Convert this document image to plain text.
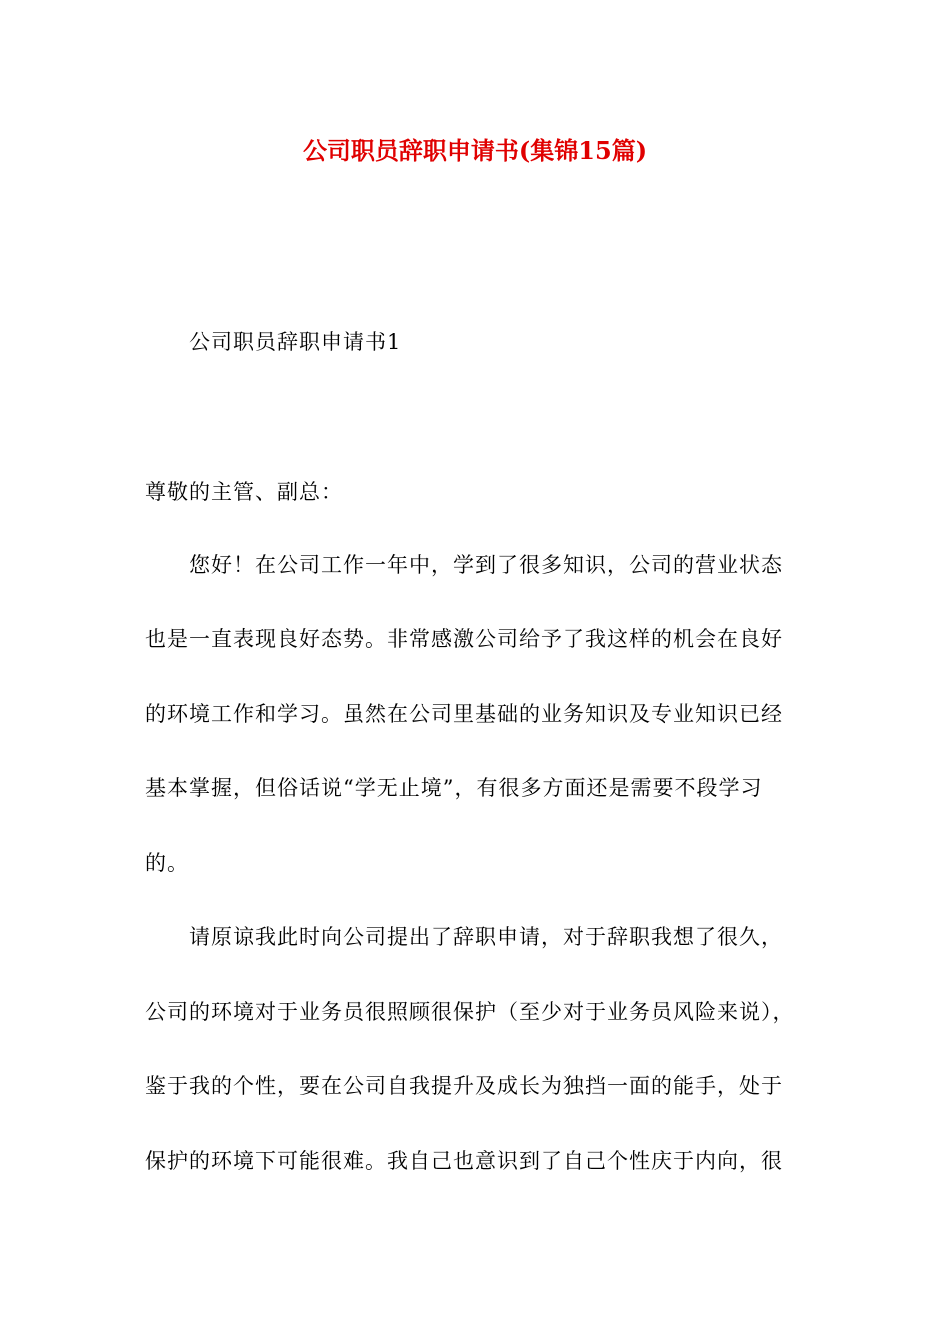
公司职员辞职申请书(集锦15篇)

公司职员辞职申请书1

尊敬的主管、副总：

您好！在公司工作一年中，学到了很多知识，公司的营业状态

也是一直表现良好态势。非常感激公司给予了我这样的机会在良好

的环境工作和学习。虽然在公司里基础的业务知识及专业知识已经

基本掌握，但俗话说“学无止境”，有很多方面还是需要不段学习

的。

请原谅我此时向公司提出了辞职申请，对于辞职我想了很久，

公司的环境对于业务员很照顾很保护（至少对于业务员风险来说），

鉴于我的个性，要在公司自我提升及成长为独挡一面的能手，处于

保护的环境下可能很难。我自己也意识到了自己个性庆于内向，很
